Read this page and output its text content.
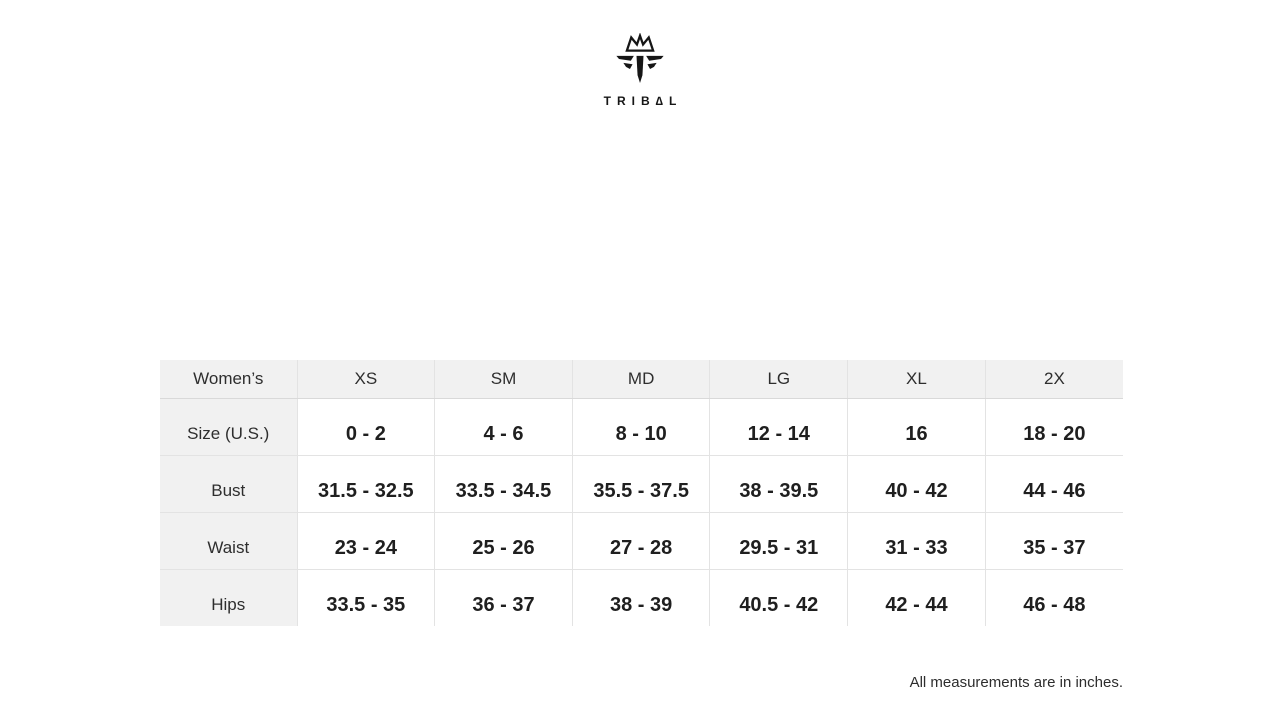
TRIB∆L
Women’s	XS	SM	MD	LG	XL	2X
Size (U.S.)	0 - 2	4 - 6	8 - 10	12 - 14	16	18 - 20
Bust	31.5 - 32.5	33.5 - 34.5	35.5 - 37.5	38 - 39.5	40 - 42	44 - 46
Waist	23 - 24	25 - 26	27 - 28	29.5 - 31	31 - 33	35 - 37
Hips	33.5 - 35	36 - 37	38 - 39	40.5 - 42	42 - 44	46 - 48
All measurements are in inches.
